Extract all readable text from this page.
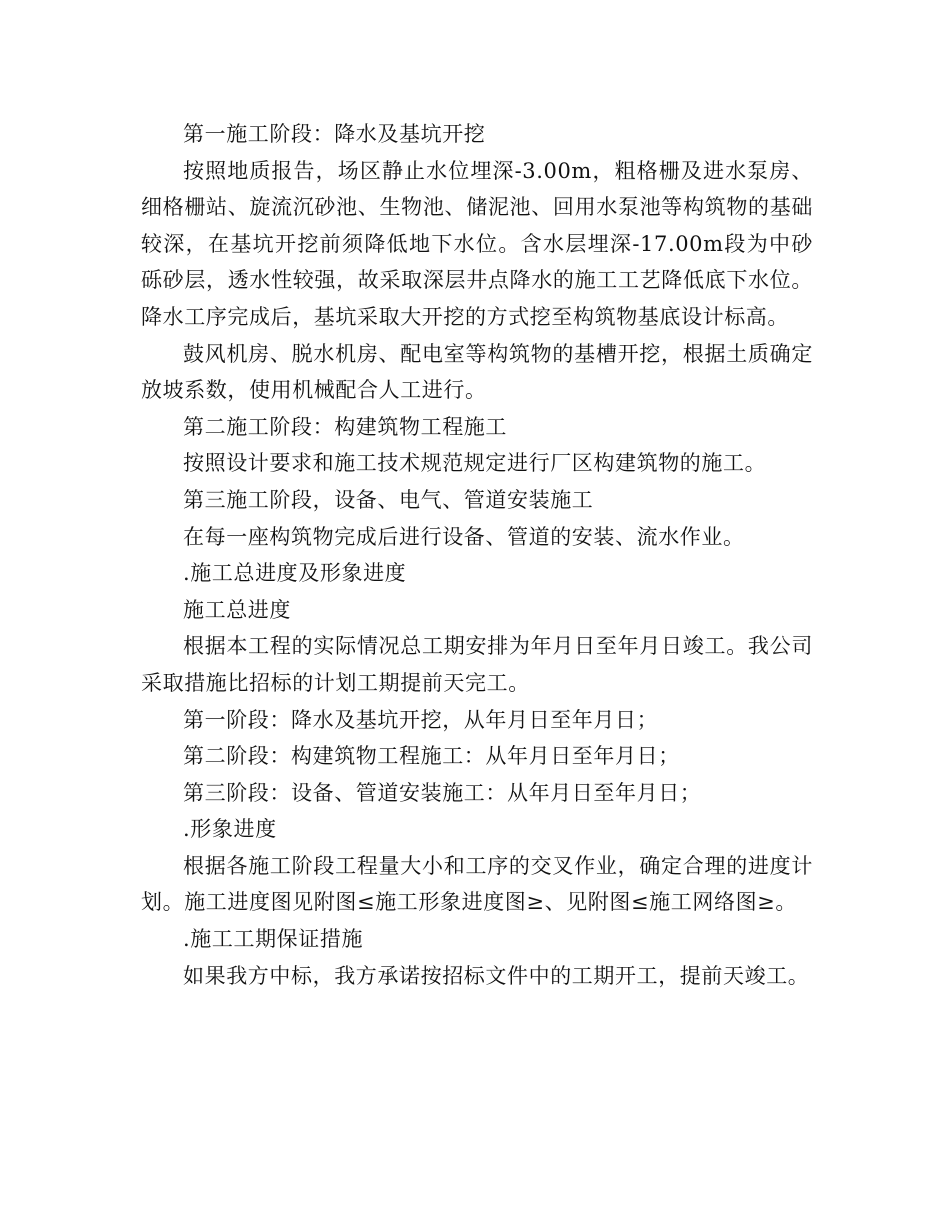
第一施工阶段：降水及基坑开挖

按照地质报告，场区静止水位埋深-3.00m，粗格栅及进水泵房、细格栅站、旋流沉砂池、生物池、储泥池、回用水泵池等构筑物的基础较深，在基坑开挖前须降低地下水位。含水层埋深-17.00m段为中砂砾砂层，透水性较强，故采取深层井点降水的施工工艺降低底下水位。降水工序完成后，基坑采取大开挖的方式挖至构筑物基底设计标高。

鼓风机房、脱水机房、配电室等构筑物的基槽开挖，根据土质确定放坡系数，使用机械配合人工进行。

第二施工阶段：构建筑物工程施工

按照设计要求和施工技术规范规定进行厂区构建筑物的施工。

第三施工阶段，设备、电气、管道安装施工

在每一座构筑物完成后进行设备、管道的安装、流水作业。

.施工总进度及形象进度

施工总进度

根据本工程的实际情况总工期安排为年月日至年月日竣工。我公司采取措施比招标的计划工期提前天完工。

第一阶段：降水及基坑开挖，从年月日至年月日；

第二阶段：构建筑物工程施工：从年月日至年月日；

第三阶段：设备、管道安装施工：从年月日至年月日；

.形象进度

根据各施工阶段工程量大小和工序的交叉作业，确定合理的进度计划。施工进度图见附图≤施工形象进度图≥、见附图≤施工网络图≥。

.施工工期保证措施

如果我方中标，我方承诺按招标文件中的工期开工，提前天竣工。
